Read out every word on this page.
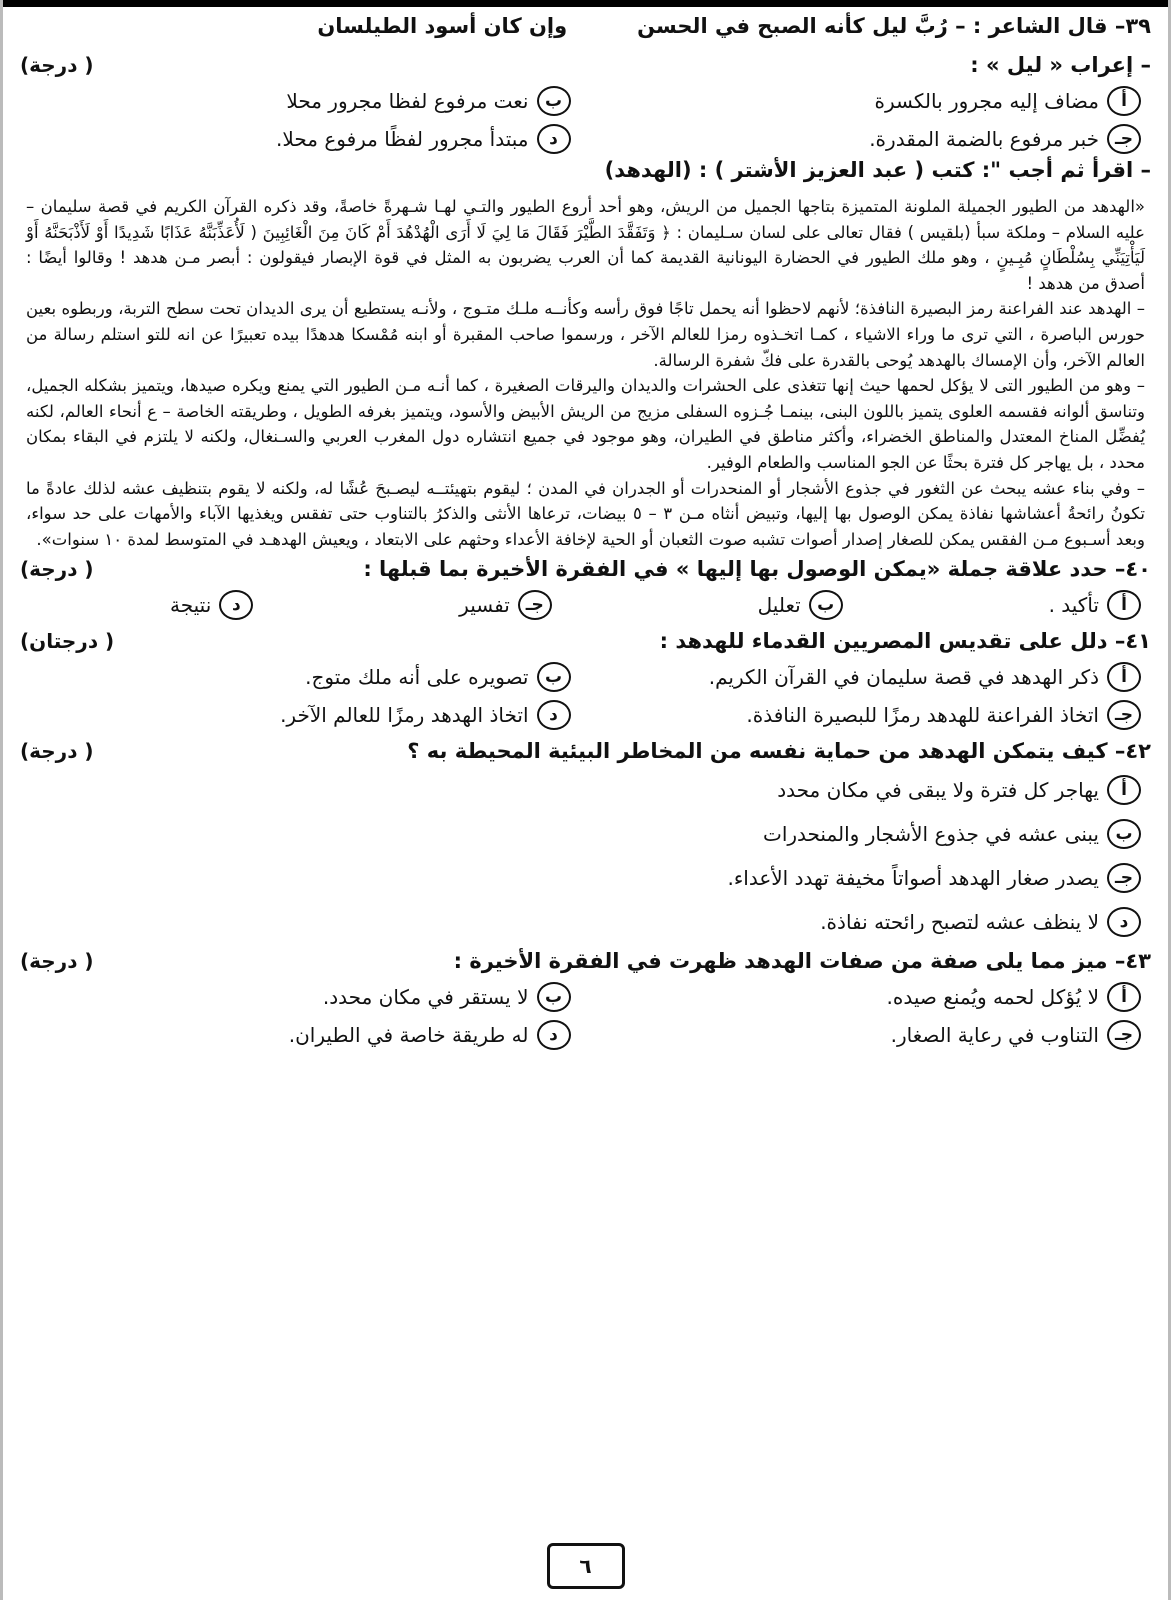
٣٩– قال الشاعر : – رُبَّ ليل كأنه الصبح في الحسن
وإن كان أسود الطيلسان
– إعراب « ليل » :
( درجة)
أ
مضاف إليه مجرور بالكسرة
ب
نعت مرفوع لفظا مجرور محلا
جـ
خبر مرفوع بالضمة المقدرة.
د
مبتدأ مجرور لفظًا مرفوع محلا.
– اقرأ ثم أجب ": كتب ( عبد العزيز الأشتر ) : (الهدهد)

«الهدهد من الطيور الجميلة الملونة المتميزة بتاجها الجميل من الريش، وهو أحد أروع الطيور والتـي لهـا شـهرةً خاصةً، وقد ذكره القرآن الكريم في قصة سليمان – عليه السلام – وملكة سبأ (بلقيس ) فقال تعالى على لسان سـليمان : ﴿ وَتَفَقَّدَ الطَّيْرَ فَقَالَ مَا لِيَ لَا أَرَى الْهُدْهُدَ أَمْ كَانَ مِنَ الْغَائِبِينَ ( لَأُعَذِّبَنَّهُ عَذَابًا شَدِيدًا أَوْ لَأَذْبَحَنَّهُ أَوْ لَيَأْتِيَنِّي بِسُلْطَانٍ مُبِـينٍ ، وهو ملك الطيور في الحضارة اليونانية القديمة كما أن العرب يضربون به المثل في قوة الإبصار فيقولون : أبصر مـن هدهد ! وقالوا أيضًا : أصدق من هدهد !

– الهدهد عند الفراعنة رمز البصيرة النافذة؛ لأنهم لاحظوا أنه يحمل تاجًا فوق رأسه وكأنــه ملـك متـوج ، ولأنـه يستطيع أن يرى الديدان تحت سطح التربة، وربطوه بعين حورس الباصرة ، التي ترى ما وراء الاشياء ، كمـا اتخـذوه رمزا للعالم الآخر ، ورسموا صاحب المقبرة أو ابنه مُمْسكا هدهدًا بيده تعبيرًا عن انه للتو استلم رسالة من العالم الآخر، وأن الإمساك بالهدهد يُوحى بالقدرة على فكّ شفرة الرسالة.

– وهو من الطيور التى لا يؤكل لحمها حيث إنها تتغذى على الحشرات والديدان واليرقات الصغيرة ، كما أنـه مـن الطيور التي يمنع ويكره صيدها، ويتميز بشكله الجميل، وتناسق ألوانه فقسمه العلوى يتميز باللون البنى، بينمـا جُـزوه السفلى مزيج من الريش الأبيض والأسود، ويتميز بغرفه الطويل ، وطريقته الخاصة – ع أنحاء العالم، لكنه يُفضِّل المناخ المعتدل والمناطق الخضراء، وأكثر مناطق في الطيران، وهو موجود في جميع انتشاره دول المغرب العربي والسـنغال، ولكنه لا يلتزم في البقاء بمكان محدد ، بل يهاجر كل فترة بحثًا عن الجو المناسب والطعام الوفير.

– وفي بناء عشه يبحث عن الثغور في جذوع الأشجار أو المنحدرات أو الجدران في المدن ؛ ليقوم بتهيئتــه ليصـبحَ عُشًا له، ولكنه لا يقوم بتنظيف عشه لذلك عادةً ما تكونُ رائحةُ أعشاشها نفاذة يمكن الوصول بها إليها، وتبيض أنثاه مـن ٣ – ٥ بيضات، ترعاها الأنثى والذكرُ بالتناوب حتى تفقس ويغذيها الآباء والأمهات على حد سواء، وبعد أسـبوع مـن الفقس يمكن للصغار إصدار أصوات تشبه صوت الثعبان أو الحية لإخافة الأعداء وحثهم على الابتعاد ، ويعيش الهدهـد في المتوسط لمدة ١٠ سنوات».

٤٠– حدد علاقة جملة «يمكن الوصول بها إليها » في الفقرة الأخيرة بما قبلها :
( درجة)
أ
تأكيد .
ب
تعليل
جـ
تفسير
د
نتيجة
٤١– دلل على تقديس المصريين القدماء للهدهد :
( درجتان)
أ
ذكر الهدهد في قصة سليمان في القرآن الكريم.
ب
تصويره على أنه ملك متوج.
جـ
اتخاذ الفراعنة للهدهد رمزًا للبصيرة النافذة.
د
اتخاذ الهدهد رمزًا للعالم الآخر.
٤٢– كيف يتمكن الهدهد من حماية نفسه من المخاطر البيئية المحيطة به ؟
( درجة)
أ
يهاجر كل فترة ولا يبقى في مكان محدد
ب
يبنى عشه في جذوع الأشجار والمنحدرات
جـ
يصدر صغار الهدهد أصواتاً مخيفة تهدد الأعداء.
د
لا ينظف عشه لتصبح رائحته نفاذة.
٤٣– ميز مما يلى صفة من صفات الهدهد ظهرت في الفقرة الأخيرة :
( درجة)
أ
لا يُؤكل لحمه ويُمنع صيده.
ب
لا يستقر في مكان محدد.
جـ
التناوب في رعاية الصغار.
د
له طريقة خاصة في الطيران.
٦
